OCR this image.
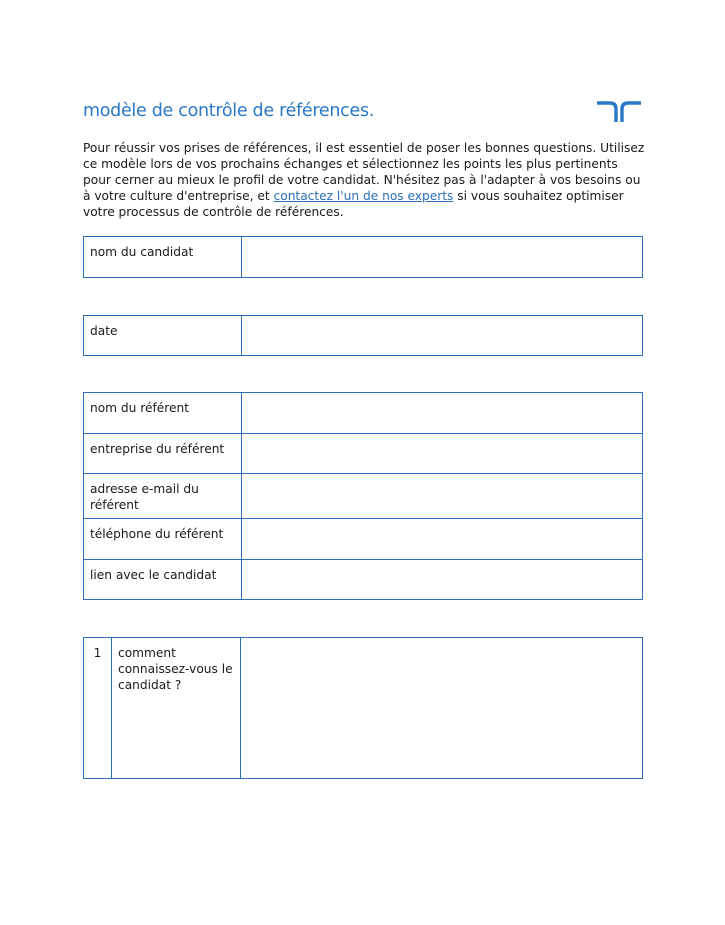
modèle de contrôle de références.
Pour réussir vos prises de références, il est essentiel de poser les bonnes questions. Utilisez ce modèle lors de vos prochains échanges et sélectionnez les points les plus pertinents pour cerner au mieux le profil de votre candidat. N'hésitez pas à l'adapter à vos besoins ou à votre culture d'entreprise, et contactez l'un de nos experts si vous souhaitez optimiser votre processus de contrôle de références.
nom du candidat	
date	
nom du référent	
entreprise du référent	
adresse e-mail du référent	
téléphone du référent	
lien avec le candidat	
1	comment connaissez-vous le candidat ?	
